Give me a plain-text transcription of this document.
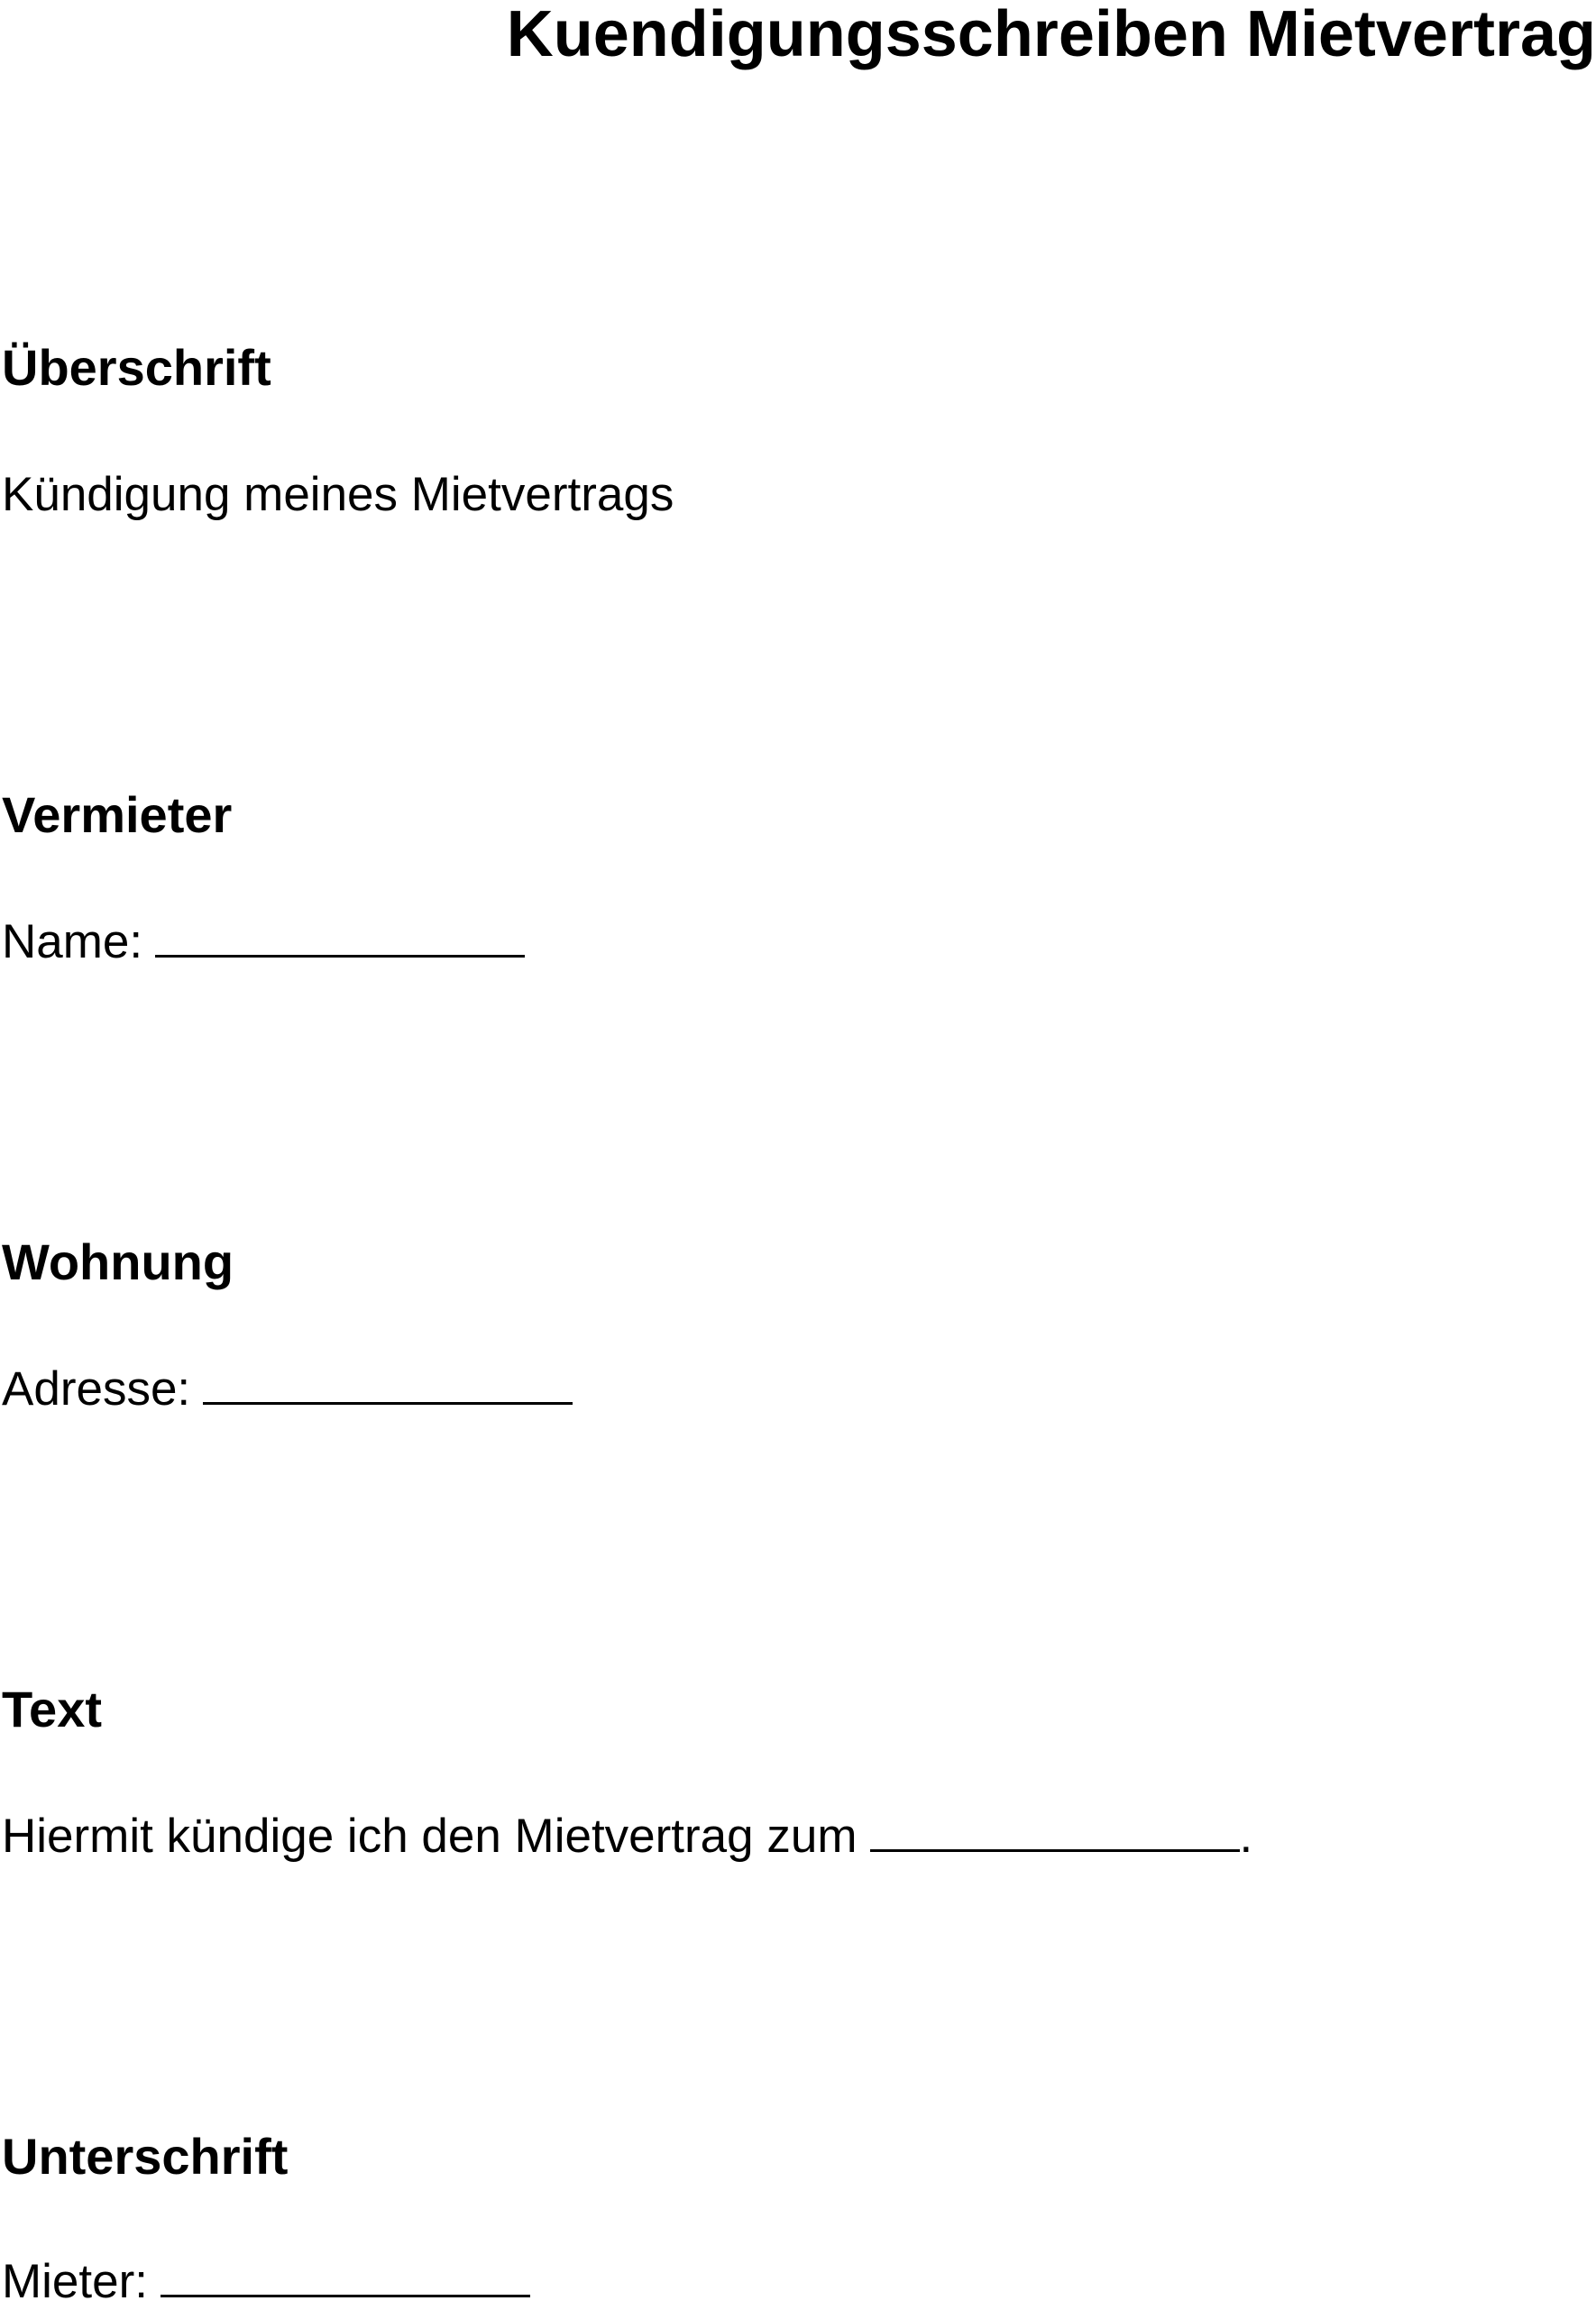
Kuendigungsschreiben Mietvertrag
Überschrift

Kündigung meines Mietvertrags

Vermieter

Name:

Wohnung

Adresse:

Text

Hiermit kündige ich den Mietvertrag zum	.

Unterschrift

Mieter:
